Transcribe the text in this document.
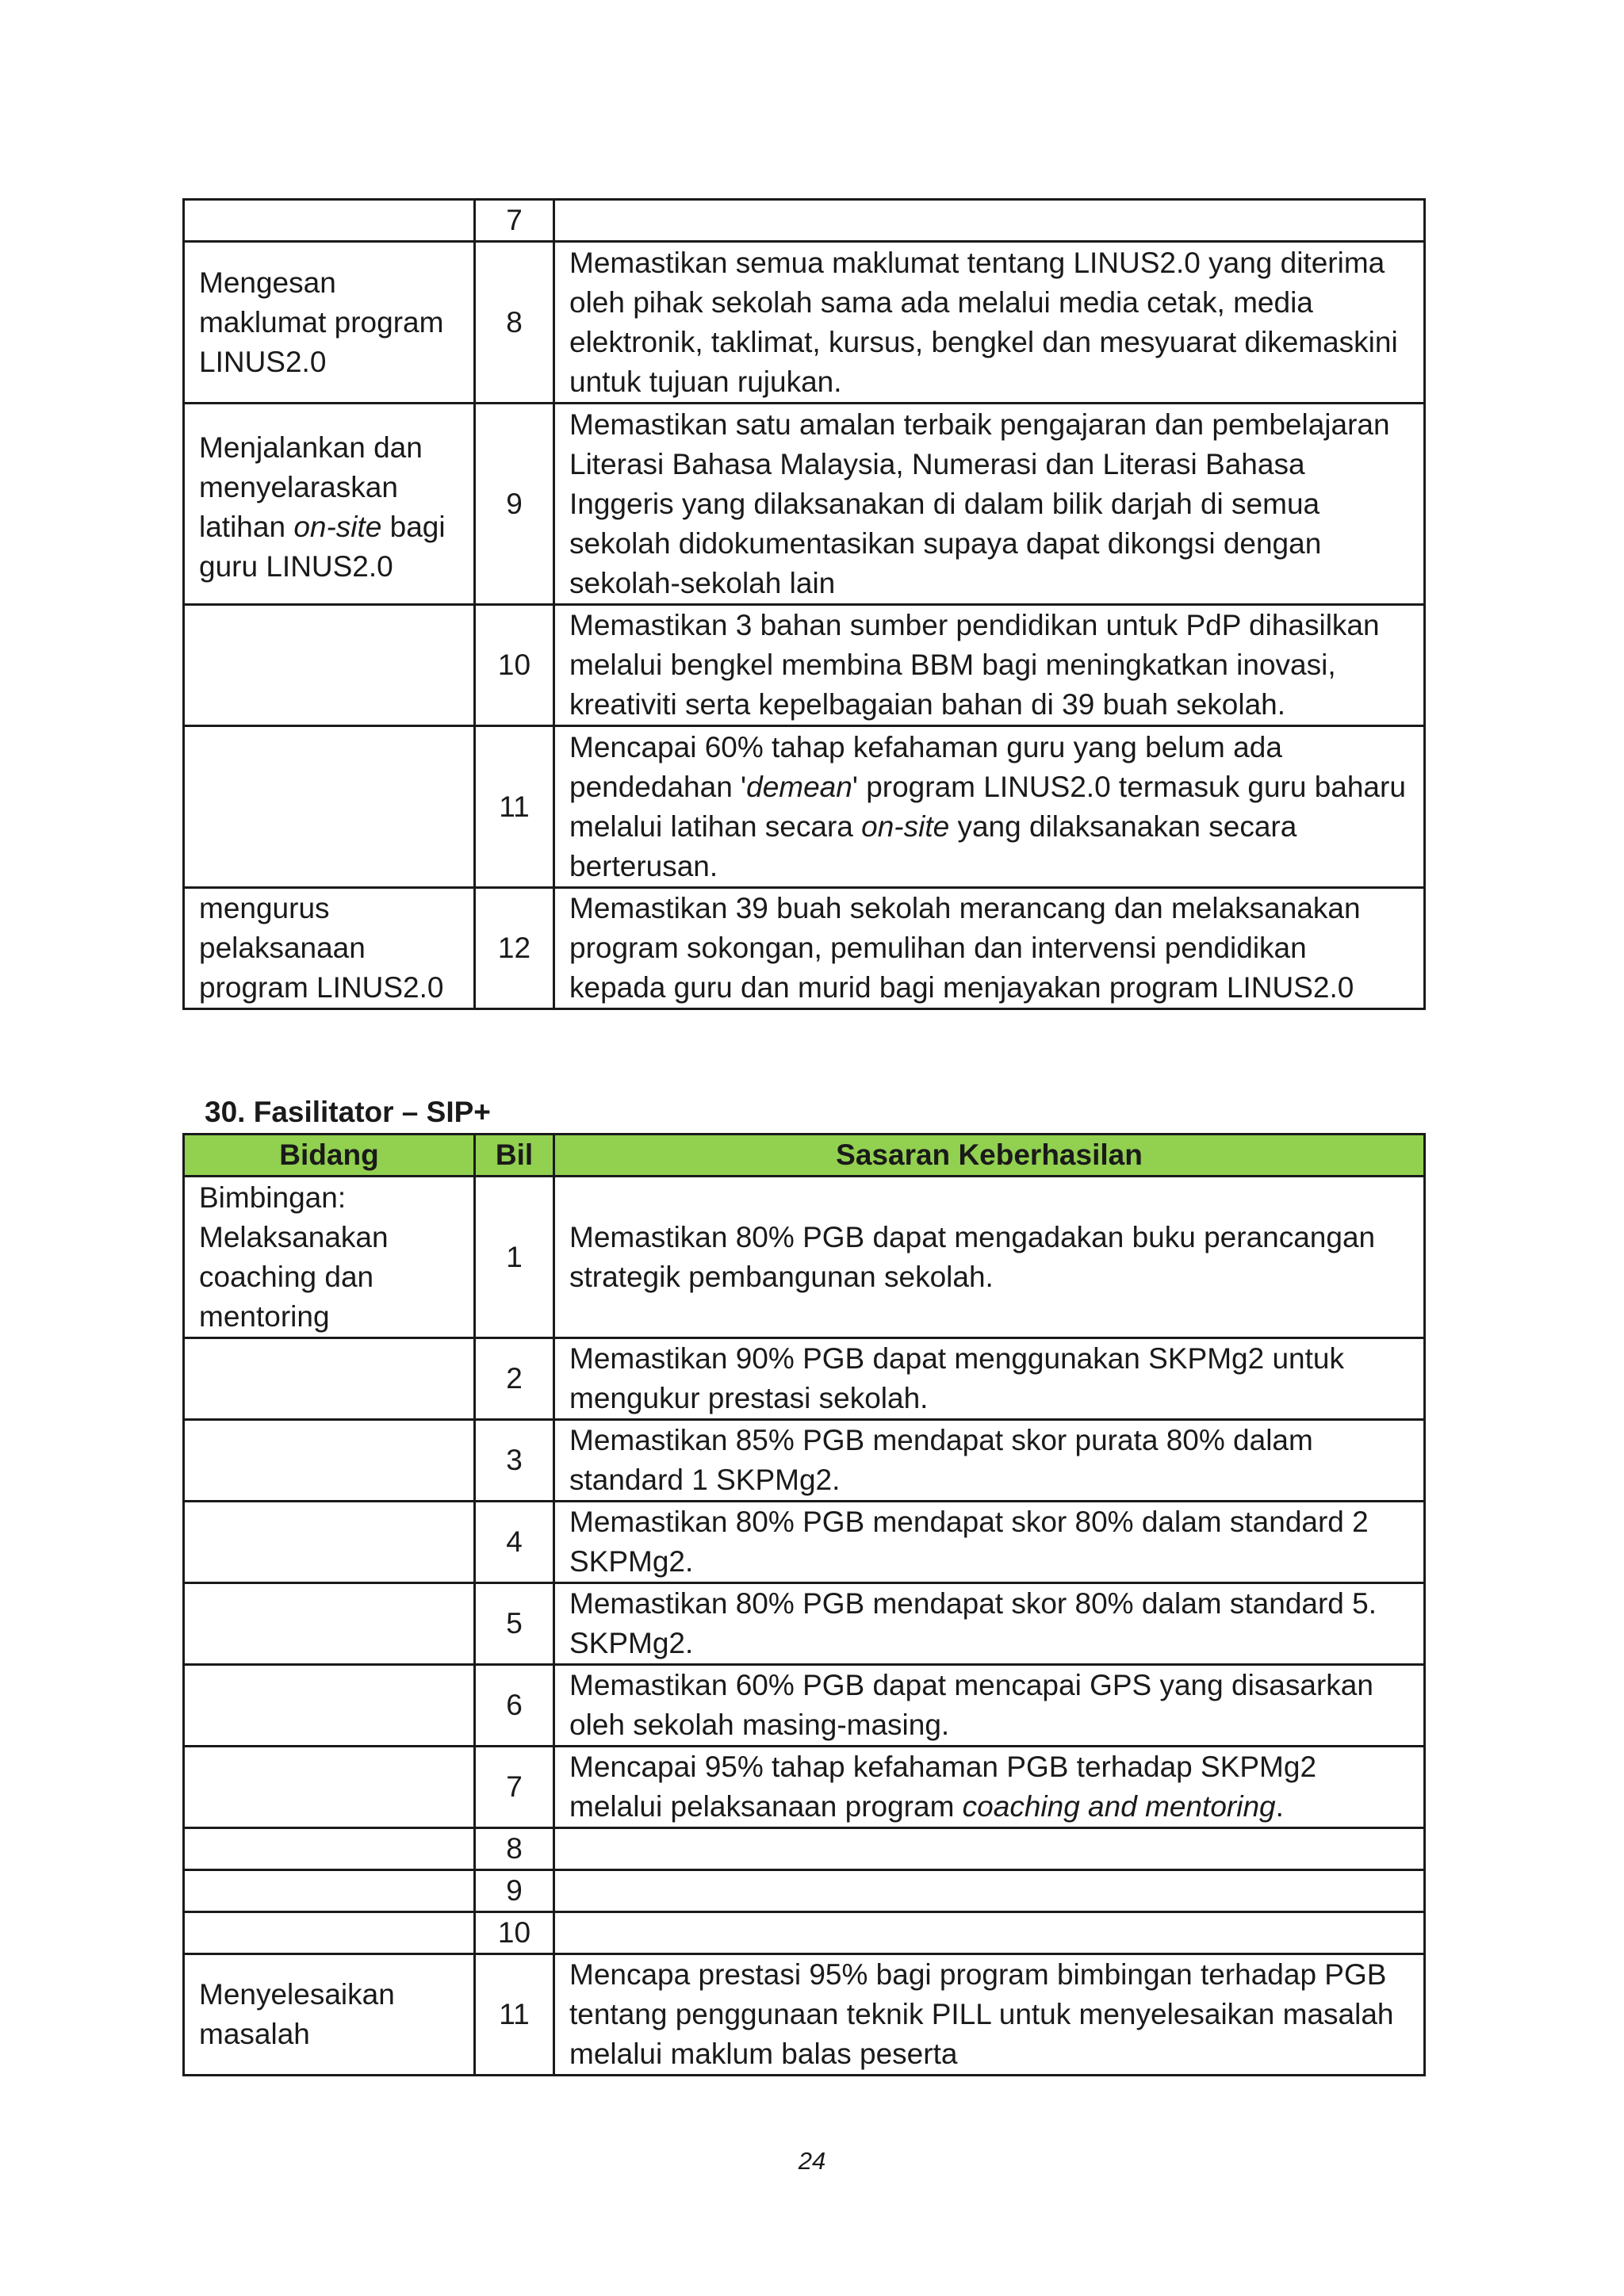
	7	
Mengesan maklumat program LINUS2.0	8	Memastikan semua maklumat tentang LINUS2.0 yang diterima oleh pihak sekolah sama ada melalui media cetak, media elektronik, taklimat, kursus, bengkel dan mesyuarat dikemaskini untuk tujuan rujukan.
Menjalankan dan menyelaraskan latihan on-site bagi guru LINUS2.0	9	Memastikan satu amalan terbaik pengajaran dan pembelajaran Literasi Bahasa Malaysia, Numerasi dan Literasi Bahasa Inggeris yang dilaksanakan di dalam bilik darjah di semua sekolah didokumentasikan supaya dapat dikongsi dengan sekolah-sekolah lain
	10	Memastikan 3 bahan sumber pendidikan untuk PdP dihasilkan melalui bengkel membina BBM bagi meningkatkan inovasi, kreativiti serta kepelbagaian bahan di 39 buah sekolah.
	11	Mencapai 60% tahap kefahaman guru yang belum ada pendedahan 'demean' program LINUS2.0 termasuk guru baharu melalui latihan secara on-site yang dilaksanakan secara berterusan.
mengurus pelaksanaan program LINUS2.0	12	Memastikan 39 buah sekolah merancang dan melaksanakan program sokongan, pemulihan dan intervensi pendidikan kepada guru dan murid bagi menjayakan program LINUS2.0
30. Fasilitator – SIP+
Bidang	Bil	Sasaran Keberhasilan
Bimbingan: Melaksanakan coaching dan mentoring	1	Memastikan 80% PGB dapat mengadakan buku perancangan strategik pembangunan sekolah.
	2	Memastikan 90% PGB dapat menggunakan SKPMg2 untuk mengukur prestasi sekolah.
	3	Memastikan 85% PGB mendapat skor purata 80% dalam standard 1 SKPMg2.
	4	Memastikan 80% PGB mendapat skor 80% dalam standard 2 SKPMg2.
	5	Memastikan 80% PGB mendapat skor 80% dalam standard 5. SKPMg2.
	6	Memastikan 60% PGB dapat mencapai GPS yang disasarkan oleh sekolah masing-masing.
	7	Mencapai 95% tahap kefahaman PGB terhadap SKPMg2 melalui pelaksanaan program coaching and mentoring.
	8	
	9	
	10	
Menyelesaikan masalah	11	Mencapa prestasi 95% bagi program bimbingan terhadap PGB tentang penggunaan teknik PILL untuk menyelesaikan masalah melalui maklum balas peserta
24
